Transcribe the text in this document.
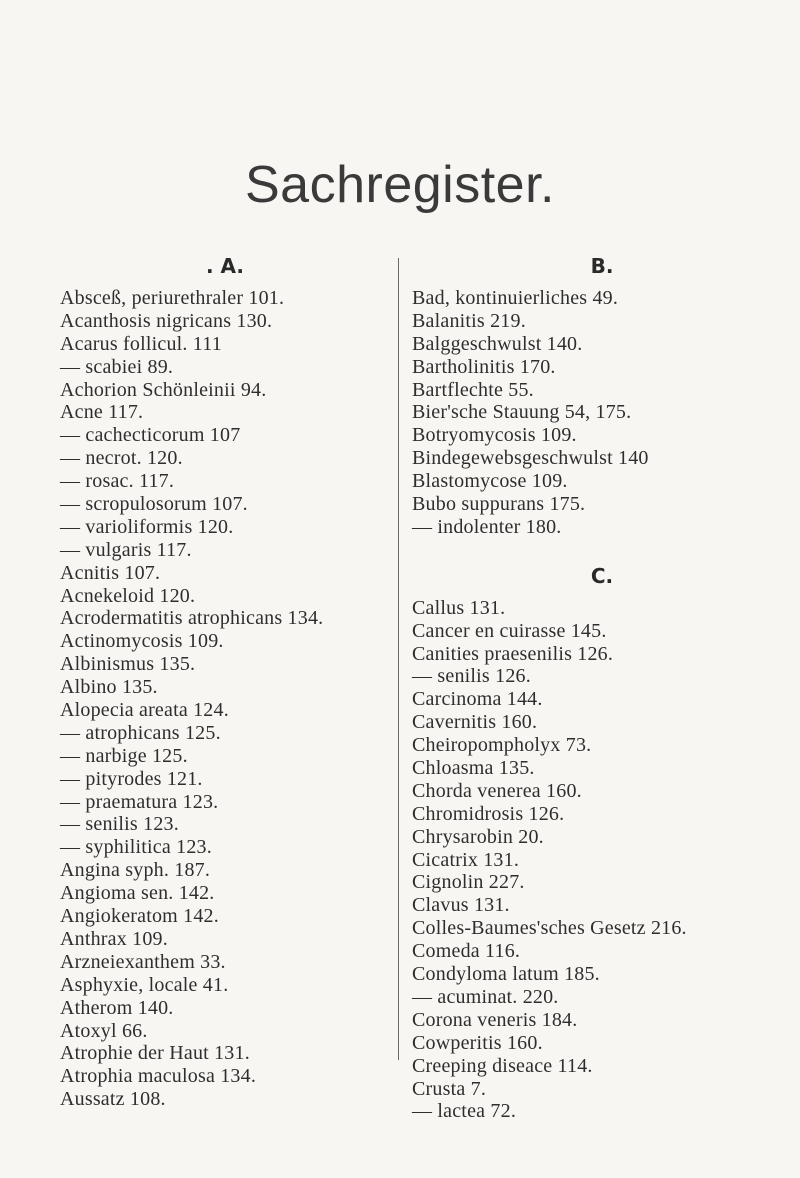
Sachregister.
. A.
Absceß, periurethraler 101.
Acanthosis nigricans 130.
Acarus follicul. 111
— scabiei 89.
Achorion Schönleinii 94.
Acne 117.
— cachecticorum 107
— necrot. 120.
— rosac. 117.
— scropulosorum 107.
— varioliformis 120.
— vulgaris 117.
Acnitis 107.
Acnekeloid 120.
Acrodermatitis atrophicans 134.
Actinomycosis 109.
Albinismus 135.
Albino 135.
Alopecia areata 124.
— atrophicans 125.
— narbige 125.
— pityrodes 121.
— praematura 123.
— senilis 123.
— syphilitica 123.
Angina syph. 187.
Angioma sen. 142.
Angiokeratom 142.
Anthrax 109.
Arzneiexanthem 33.
Asphyxie, locale 41.
Atherom 140.
Atoxyl 66.
Atrophie der Haut 131.
Atrophia maculosa 134.
Aussatz 108.
B.
Bad, kontinuierliches 49.
Balanitis 219.
Balggeschwulst 140.
Bartholinitis 170.
Bartflechte 55.
Bier'sche Stauung 54, 175.
Botryomycosis 109.
Bindegewebsgeschwulst 140
Blastomycose 109.
Bubo suppurans 175.
— indolenter 180.
C.
Callus 131.
Cancer en cuirasse 145.
Canities praesenilis 126.
— senilis 126.
Carcinoma 144.
Cavernitis 160.
Cheiropompholyx 73.
Chloasma 135.
Chorda venerea 160.
Chromidrosis 126.
Chrysarobin 20.
Cicatrix 131.
Cignolin 227.
Clavus 131.
Colles-Baumes'sches Gesetz 216.
Comeda 116.
Condyloma latum 185.
— acuminat. 220.
Corona veneris 184.
Cowperitis 160.
Creeping diseace 114.
Crusta 7.
— lactea 72.
